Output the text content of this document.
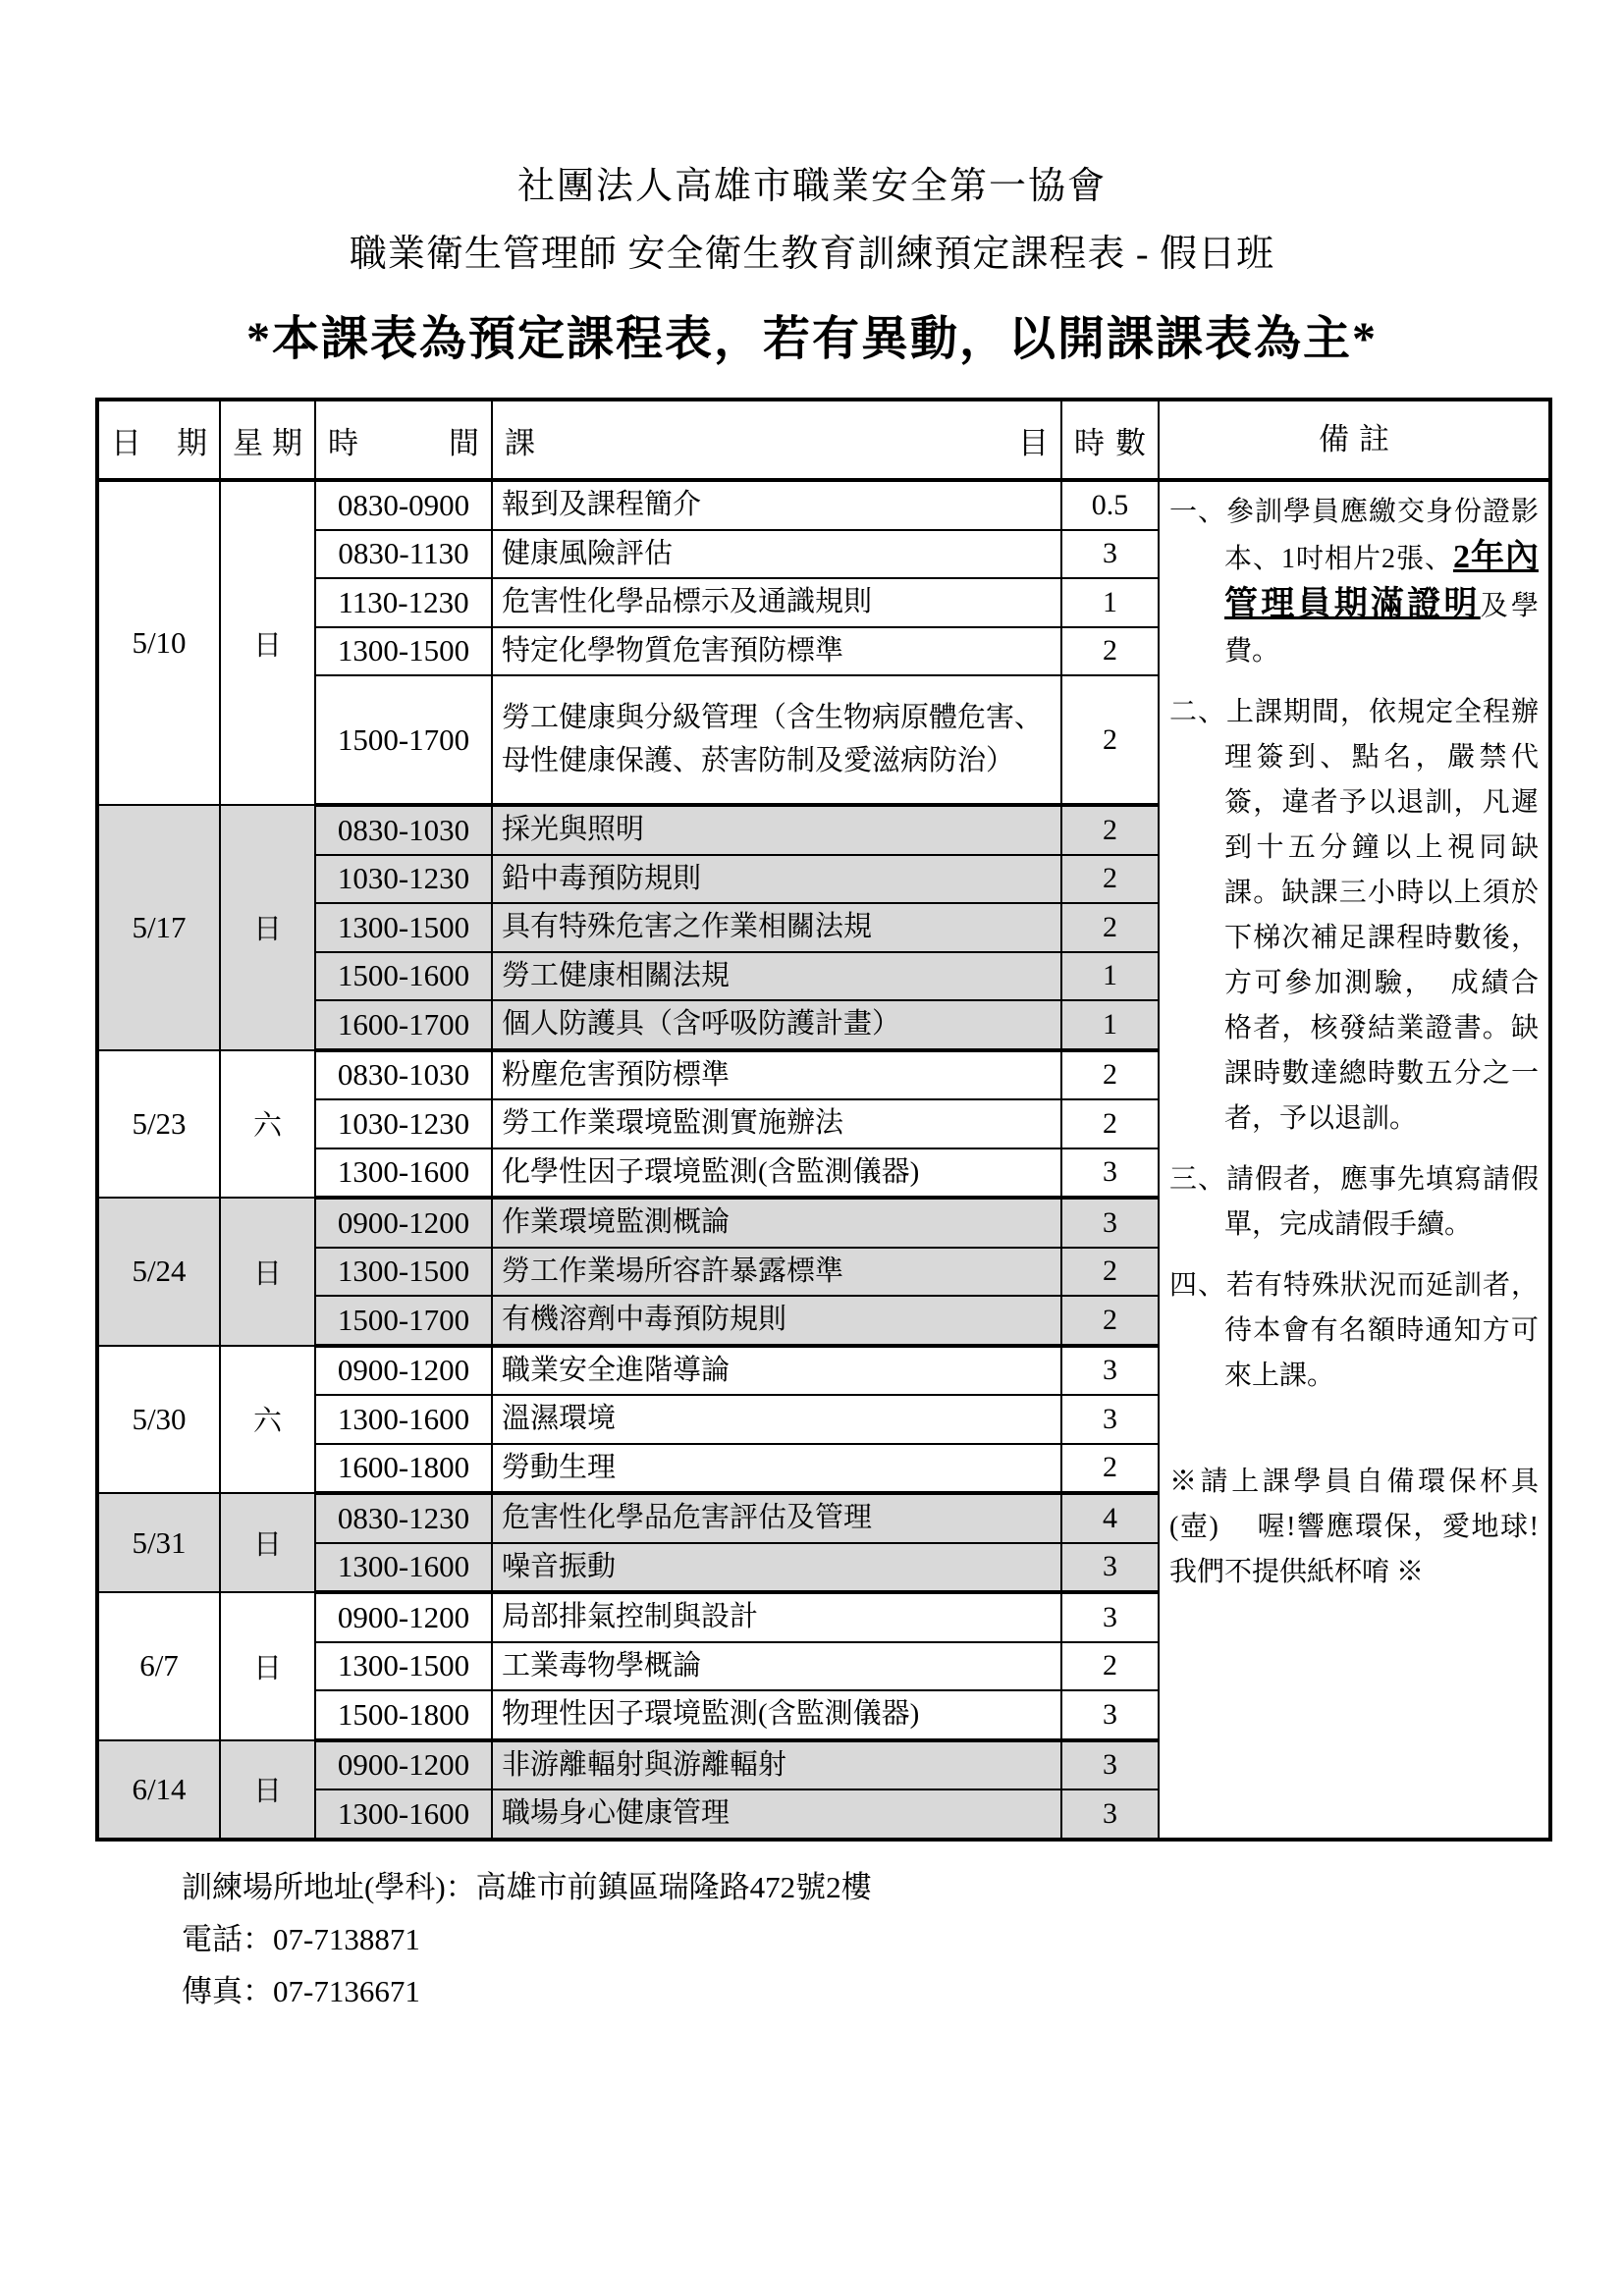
社團法人高雄市職業安全第一協會
職業衛生管理師 安全衛生教育訓練預定課程表 - 假日班
*本課表為預定課程表，若有異動，以開課課表為主*
日 期	星 期	時 間	課 目	時 數	備註

5/10	日	0830-0900	報到及課程簡介	0.5	一、參訓學員應繳交身份證影本、1吋相片2張、2年內管理員期滿證明及學費。
二、上課期間，依規定全程辦理簽到、點名，嚴禁代簽，違者予以退訓，凡遲到十五分鐘以上視同缺課。缺課三小時以上須於下梯次補足課程時數後，方可參加測驗，　成績合格者，核發結業證書。缺課時數達總時數五分之一者，予以退訓。
三、請假者，應事先填寫請假單，完成請假手續。
四、若有特殊狀況而延訓者，待本會有名額時通知方可來上課。
※請上課學員自備環保杯具(壺)　 喔!響應環保，愛地球!我們不提供紙杯唷 ※

		0830-1130	健康風險評估	3	
		1130-1230	危害性化學品標示及通識規則	1	
		1300-1500	特定化學物質危害預防標準	2	
		1500-1700	勞工健康與分級管理（含生物病原體危害、母性健康保護、菸害防制及愛滋病防治）	2	
5/17	日	0830-1030	採光與照明	2	
		1030-1230	鉛中毒預防規則	2	
		1300-1500	具有特殊危害之作業相關法規	2	
		1500-1600	勞工健康相關法規	1	
		1600-1700	個人防護具（含呼吸防護計畫）	1	
5/23	六	0830-1030	粉塵危害預防標準	2	
		1030-1230	勞工作業環境監測實施辦法	2	
		1300-1600	化學性因子環境監測(含監測儀器)	3	
5/24	日	0900-1200	作業環境監測概論	3	
		1300-1500	勞工作業場所容許暴露標準	2	
		1500-1700	有機溶劑中毒預防規則	2	
5/30	六	0900-1200	職業安全進階導論	3	
		1300-1600	溫濕環境	3	
		1600-1800	勞動生理	2	
5/31	日	0830-1230	危害性化學品危害評估及管理	4	
		1300-1600	噪音振動	3	
6/7	日	0900-1200	局部排氣控制與設計	3	
		1300-1500	工業毒物學概論	2	
		1500-1800	物理性因子環境監測(含監測儀器)	3	
6/14	日	0900-1200	非游離輻射與游離輻射	3	
		1300-1600	職場身心健康管理	3	
訓練場所地址(學科)：高雄市前鎮區瑞隆路472號2樓
電話：07-7138871
傳真：07-7136671
